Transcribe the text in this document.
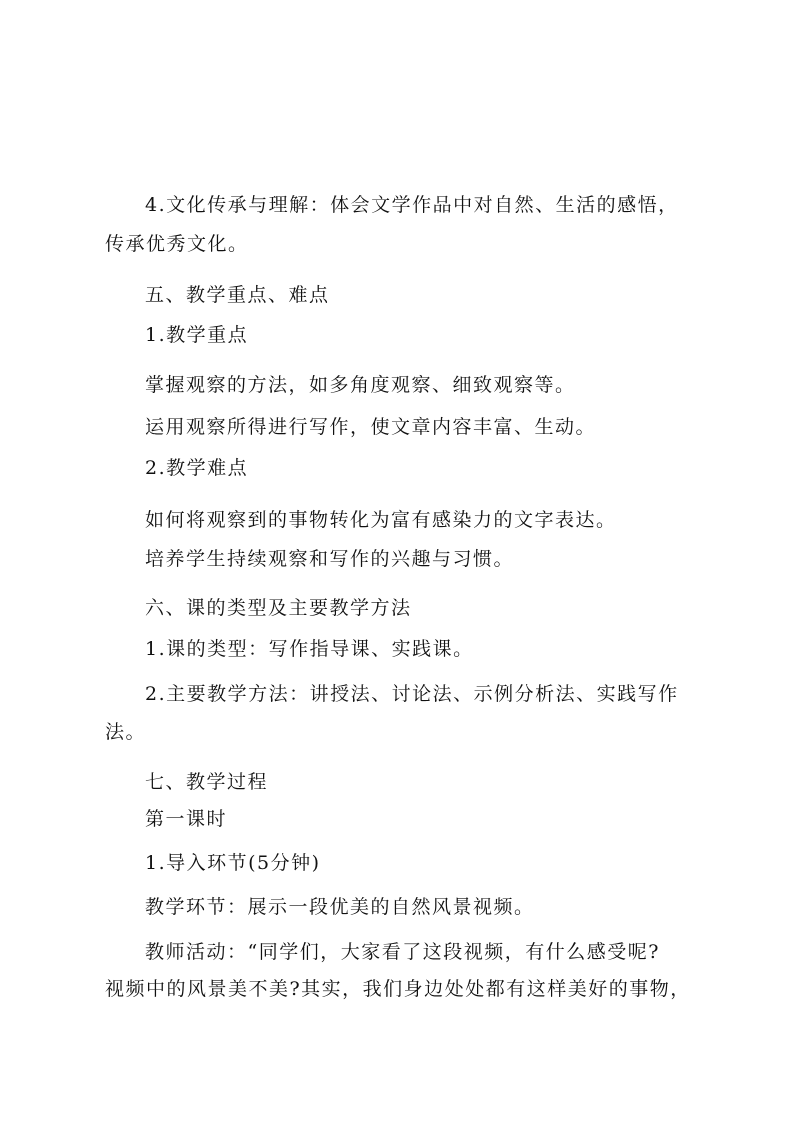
4.文化传承与理解：体会文学作品中对自然、生活的感悟，
传承优秀文化。
五、教学重点、难点
1.教学重点
掌握观察的方法，如多角度观察、细致观察等。
运用观察所得进行写作，使文章内容丰富、生动。
2.教学难点
如何将观察到的事物转化为富有感染力的文字表达。
培养学生持续观察和写作的兴趣与习惯。
六、课的类型及主要教学方法
1.课的类型：写作指导课、实践课。
2.主要教学方法：讲授法、讨论法、示例分析法、实践写作
法。
七、教学过程
第一课时
1.导入环节(5分钟)
教学环节：展示一段优美的自然风景视频。
教师活动：“同学们，大家看了这段视频，有什么感受呢?
视频中的风景美不美?其实，我们身边处处都有这样美好的事物，
